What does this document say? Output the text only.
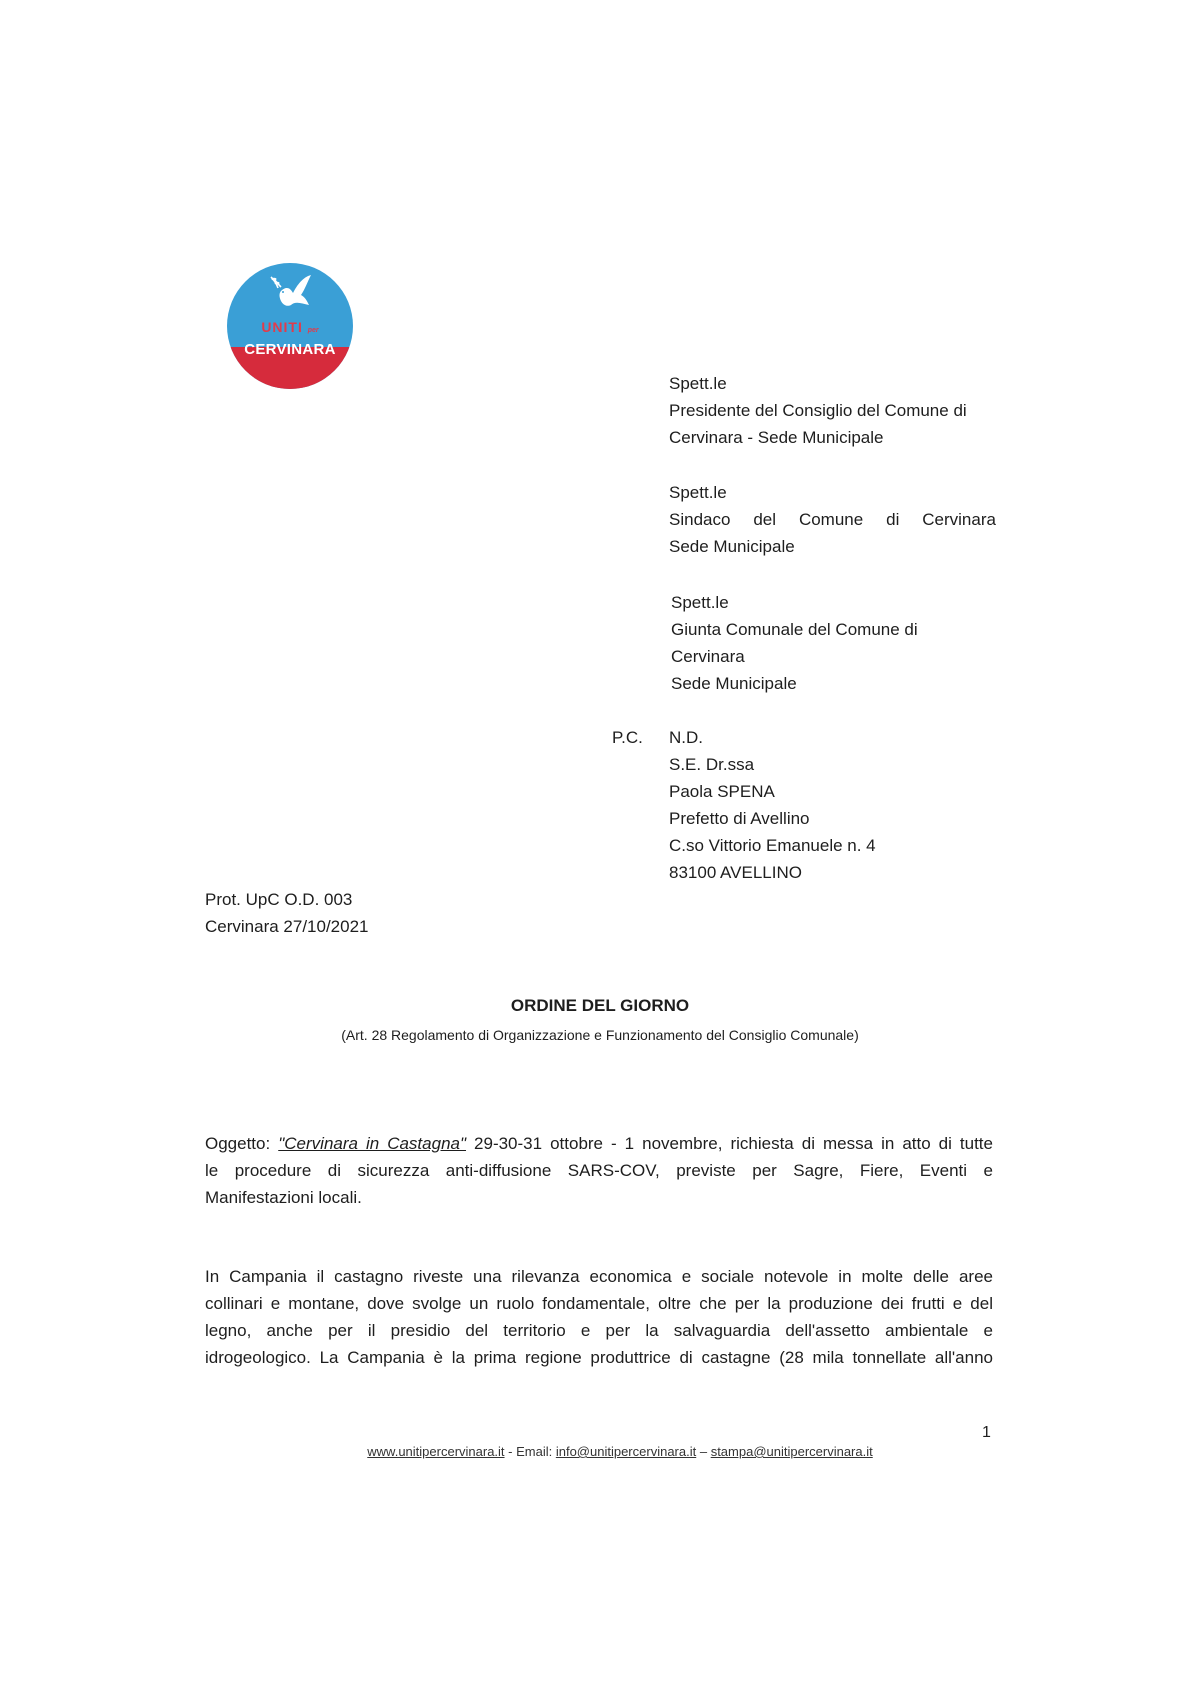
UNITI per
CERVINARA
Spett.le
Presidente del Consiglio del Comune di
Cervinara - Sede Municipale
Spett.le
Sindaco del Comune di Cervinara
Sede Municipale
Spett.le
Giunta Comunale del Comune di
Cervinara
Sede Municipale
P.C. N.D.
S.E. Dr.ssa
Paola SPENA
Prefetto di Avellino
C.so Vittorio Emanuele n. 4
83100 AVELLINO
Prot. UpC O.D. 003
Cervinara 27/10/2021
ORDINE DEL GIORNO
(Art. 28 Regolamento di Organizzazione e Funzionamento del Consiglio Comunale)
Oggetto: "Cervinara in Castagna" 29-30-31 ottobre - 1 novembre, richiesta di messa in atto di tutte
le procedure di sicurezza anti-diffusione SARS-COV, previste per Sagre, Fiere, Eventi e
Manifestazioni locali.
In Campania il castagno riveste una rilevanza economica e sociale notevole in molte delle aree
collinari e montane, dove svolge un ruolo fondamentale, oltre che per la produzione dei frutti e del
legno, anche per il presidio del territorio e per la salvaguardia dell'assetto ambientale e
idrogeologico. La Campania è la prima regione produttrice di castagne (28 mila tonnellate all'anno
1
www.unitipercervinara.it - Email: info@unitipercervinara.it – stampa@unitipercervinara.it
